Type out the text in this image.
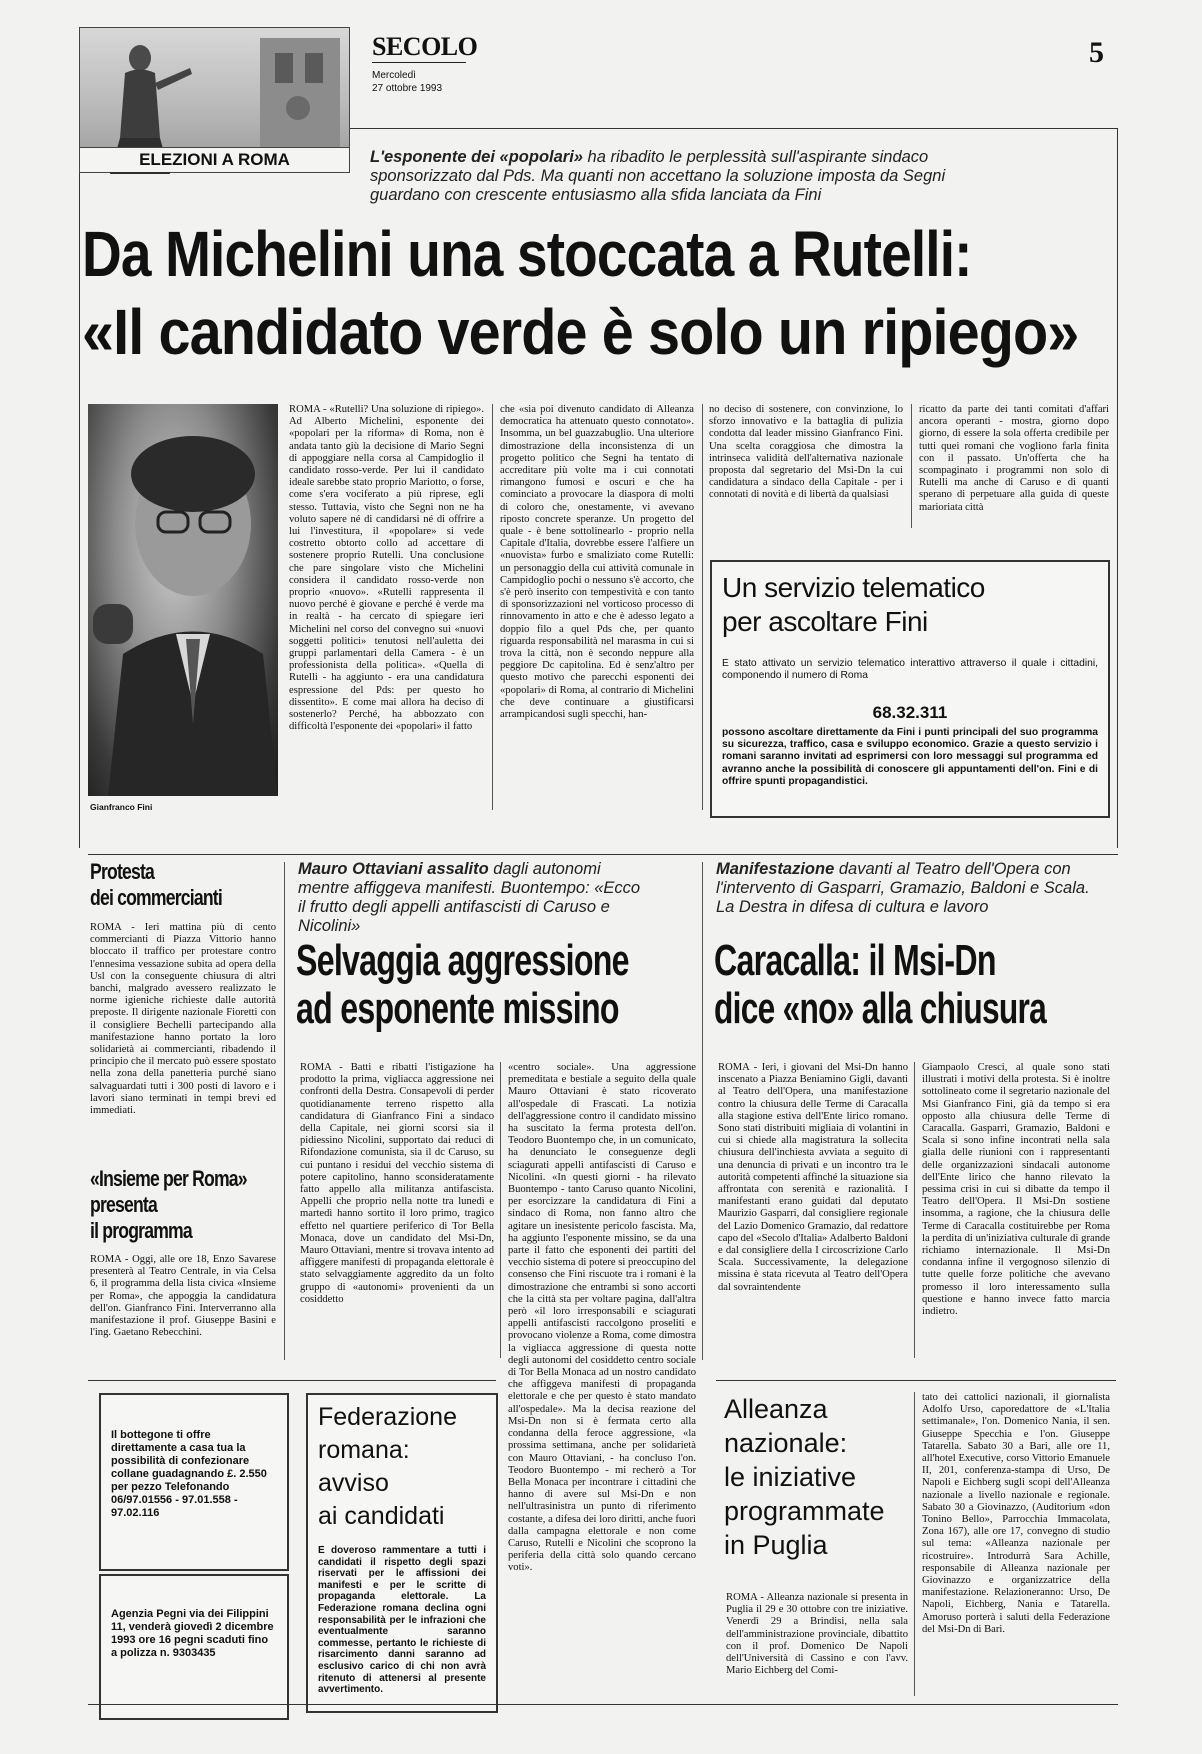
ELEZIONI A ROMA
SECOLO
Mercoledì
27 ottobre 1993
5
L'esponente dei «popolari» ha ribadito le perplessità sull'aspirante sindaco sponsorizzato dal Pds. Ma quanti non accettano la soluzione imposta da Segni guardano con crescente entusiasmo alla sfida lanciata da Fini
Da Michelini una stoccata a Rutelli:
«Il candidato verde è solo un ripiego»
Gianfranco Fini
ROMA - «Rutelli? Una soluzione di ripiego». Ad Alberto Michelini, esponente dei «popolari per la riforma» di Roma, non è andata tanto giù la decisione di Mario Segni di appoggiare nella corsa al Campidoglio il candidato rosso-verde. Per lui il candidato ideale sarebbe stato proprio Mariotto, o forse, come s'era vociferato a più riprese, egli stesso. Tuttavia, visto che Segni non ne ha voluto sapere né di candidarsi né di offrire a lui l'investitura, il «popolare» si vede costretto obtorto collo ad accettare di sostenere proprio Rutelli. Una conclusione che pare singolare visto che Michelini considera il candidato rosso-verde non proprio «nuovo». «Rutelli rappresenta il nuovo perché è giovane e perché è verde ma in realtà - ha cercato di spiegare ieri Michelini nel corso del convegno sui «nuovi soggetti politici» tenutosi nell'auletta dei gruppi parlamentari della Camera - è un professionista della politica». «Quella di Rutelli - ha aggiunto - era una candidatura espressione del Pds: per questo ho dissentito». E come mai allora ha deciso di sostenerlo? Perché, ha abbozzato con difficoltà l'esponente dei «popolari» il fatto
che «sia poi divenuto candidato di Alleanza democratica ha attenuato questo connotato». Insomma, un bel guazzabuglio. Una ulteriore dimostrazione della inconsistenza di un progetto politico che Segni ha tentato di accreditare più volte ma i cui connotati rimangono fumosi e oscuri e che ha cominciato a provocare la diaspora di molti di coloro che, onestamente, vi avevano riposto concrete speranze. Un progetto del quale - è bene sottolinearlo - proprio nella Capitale d'Italia, dovrebbe essere l'alfiere un «nuovista» furbo e smaliziato come Rutelli: un personaggio della cui attività comunale in Campidoglio pochi o nessuno s'è accorto, che s'è però inserito con tempestività e con tanto di sponsorizzazioni nel vorticoso processo di rinnovamento in atto e che è adesso legato a doppio filo a quel Pds che, per quanto riguarda responsabilità nel marasma in cui si trova la città, non è secondo neppure alla peggiore Dc capitolina. Ed è senz'altro per questo motivo che parecchi esponenti dei «popolari» di Roma, al contrario di Michelini che deve continuare a giustificarsi arrampicandosi sugli specchi, han-
no deciso di sostenere, con convinzione, lo sforzo innovativo e la battaglia di pulizia condotta dal leader missino Gianfranco Fini. Una scelta coraggiosa che dimostra la intrinseca validità dell'alternativa nazionale proposta dal segretario del Msi-Dn la cui candidatura a sindaco della Capitale - per i connotati di novità e di libertà da qualsiasi
ricatto da parte dei tanti comitati d'affari ancora operanti - mostra, giorno dopo giorno, di essere la sola offerta credibile per tutti quei romani che vogliono farla finita con il passato. Un'offerta che ha scompaginato i programmi non solo di Rutelli ma anche di Caruso e di quanti sperano di perpetuare alla guida di queste marioriata città
Un servizio telematico
per ascoltare Fini
È stato attivato un servizio telematico interattivo attraverso il quale i cittadini, componendo il numero di Roma
68.32.311
possono ascoltare direttamente da Fini i punti principali del suo programma su sicurezza, traffico, casa e sviluppo economico. Grazie a questo servizio i romani saranno invitati ad esprimersi con loro messaggi sul programma ed avranno anche la possibilità di conoscere gli appuntamenti dell'on. Fini e di offrire spunti propagandistici.
Protesta
dei commercianti
ROMA - Ieri mattina più di cento commercianti di Piazza Vittorio hanno bloccato il traffico per protestare contro l'ennesima vessazione subita ad opera della Usl con la conseguente chiusura di altri banchi, malgrado avessero realizzato le norme igieniche richieste dalle autorità preposte. Il dirigente nazionale Fioretti con il consigliere Bechelli partecipando alla manifestazione hanno portato la loro solidarietà ai commercianti, ribadendo il principio che il mercato può essere spostato nella zona della panetteria purché siano salvaguardati tutti i 300 posti di lavoro e i lavori siano terminati in tempi brevi ed immediati.
«Insieme per Roma»
presenta
il programma
ROMA - Oggi, alle ore 18, Enzo Savarese presenterà al Teatro Centrale, in via Celsa 6, il programma della lista civica «Insieme per Roma», che appoggia la candidatura dell'on. Gianfranco Fini. Interverranno alla manifestazione il prof. Giuseppe Basini e l'ing. Gaetano Rebecchini.
Mauro Ottaviani assalito dagli autonomi mentre affiggeva manifesti. Buontempo: «Ecco il frutto degli appelli antifascisti di Caruso e Nicolini»
Selvaggia aggressione
ad esponente missino
ROMA - Batti e ribatti l'istigazione ha prodotto la prima, vigliacca aggressione nei confronti della Destra. Consapevoli di perder quotidianamente terreno rispetto alla candidatura di Gianfranco Fini a sindaco della Capitale, nei giorni scorsi sia il pidiessino Nicolini, supportato dai reduci di Rifondazione comunista, sia il dc Caruso, su cui puntano i residui del vecchio sistema di potere capitolino, hanno sconsideratamente fatto appello alla militanza antifascista. Appelli che proprio nella notte tra lunedì e martedì hanno sortito il loro primo, tragico effetto nel quartiere periferico di Tor Bella Monaca, dove un candidato del Msi-Dn, Mauro Ottaviani, mentre si trovava intento ad affiggere manifesti di propaganda elettorale è stato selvaggiamente aggredito da un folto gruppo di «autonomi» provenienti da un cosiddetto
«centro sociale». Una aggressione premeditata e bestiale a seguito della quale Mauro Ottaviani è stato ricoverato all'ospedale di Frascati. La notizia dell'aggressione contro il candidato missino ha suscitato la ferma protesta dell'on. Teodoro Buontempo che, in un comunicato, ha denunciato le conseguenze degli sciagurati appelli antifascisti di Caruso e Nicolini. «In questi giorni - ha rilevato Buontempo - tanto Caruso quanto Nicolini, per esorcizzare la candidatura di Fini a sindaco di Roma, non fanno altro che agitare un inesistente pericolo fascista. Ma, ha aggiunto l'esponente missino, se da una parte il fatto che esponenti dei partiti del vecchio sistema di potere si preoccupino del consenso che Fini riscuote tra i romani è la dimostrazione che entrambi si sono accorti che la città sta per voltare pagina, dall'altra però «il loro irresponsabili e sciagurati appelli antifascisti raccolgono proseliti e provocano violenze a Roma, come dimostra la vigliacca aggressione di questa notte degli autonomi del cosiddetto centro sociale di Tor Bella Monaca ad un nostro candidato che affiggeva manifesti di propaganda elettorale e che per questo è stato mandato all'ospedale». Ma la decisa reazione del Msi-Dn non si è fermata certo alla condanna della feroce aggressione, «la prossima settimana, anche per solidarietà con Mauro Ottaviani, - ha concluso l'on. Teodoro Buontempo - mi recherò a Tor Bella Monaca per incontrare i cittadini che hanno di avere sul Msi-Dn e non nell'ultrasinistra un punto di riferimento costante, a difesa dei loro diritti, anche fuori dalla campagna elettorale e non come Caruso, Rutelli e Nicolini che scoprono la periferia della città solo quando cercano voti».
Manifestazione davanti al Teatro dell'Opera con l'intervento di Gasparri, Gramazio, Baldoni e Scala. La Destra in difesa di cultura e lavoro
Caracalla: il Msi-Dn
dice «no» alla chiusura
ROMA - Ieri, i giovani del Msi-Dn hanno inscenato a Piazza Beniamino Gigli, davanti al Teatro dell'Opera, una manifestazione contro la chiusura delle Terme di Caracalla alla stagione estiva dell'Ente lirico romano. Sono stati distribuiti migliaia di volantini in cui si chiede alla magistratura la sollecita chiusura dell'inchiesta avviata a seguito di una denuncia di privati e un incontro tra le autorità competenti affinché la situazione sia affrontata con serenità e razionalità. I manifestanti erano guidati dal deputato Maurizio Gasparri, dal consigliere regionale del Lazio Domenico Gramazio, dal redattore capo del «Secolo d'Italia» Adalberto Baldoni e dal consigliere della I circoscrizione Carlo Scala. Successivamente, la delegazione missina è stata ricevuta al Teatro dell'Opera dal sovraintendente
Giampaolo Cresci, al quale sono stati illustrati i motivi della protesta. Si è inoltre sottolineato come il segretario nazionale del Msi Gianfranco Fini, già da tempo si era opposto alla chiusura delle Terme di Caracalla. Gasparri, Gramazio, Baldoni e Scala si sono infine incontrati nella sala gialla delle riunioni con i rappresentanti delle organizzazioni sindacali autonome dell'Ente lirico che hanno rilevato la pessima crisi in cui si dibatte da tempo il Teatro dell'Opera. Il Msi-Dn sostiene insomma, a ragione, che la chiusura delle Terme di Caracalla costituirebbe per Roma la perdita di un'iniziativa culturale di grande richiamo internazionale. Il Msi-Dn condanna infine il vergognoso silenzio di tutte quelle forze politiche che avevano promesso il loro interessamento sulla questione e hanno invece fatto marcia indietro.
Il bottegone ti offre direttamente a casa tua la possibilità di confezionare collane guadagnando £. 2.550 per pezzo Telefonando 06/97.01556 - 97.01.558 - 97.02.116
Agenzia Pegni via dei Filippini 11, venderà giovedì 2 dicembre 1993 ore 16 pegni scaduti fino a polizza n. 9303435
Federazione
romana:
avviso
ai candidati
È doveroso rammentare a tutti i candidati il rispetto degli spazi riservati per le affissioni dei manifesti e per le scritte di propaganda elettorale. La Federazione romana declina ogni responsabilità per le infrazioni che eventualmente saranno commesse, pertanto le richieste di risarcimento danni saranno ad esclusivo carico di chi non avrà ritenuto di attenersi al presente avvertimento.
Alleanza
nazionale:
le iniziative
programmate
in Puglia
ROMA - Alleanza nazionale si presenta in Puglia il 29 e 30 ottobre con tre iniziative. Venerdì 29 a Brindisi, nella sala dell'amministrazione provinciale, dibattito con il prof. Domenico De Napoli dell'Università di Cassino e con l'avv. Mario Eichberg del Comi-
tato dei cattolici nazionali, il giornalista Adolfo Urso, caporedattore de «L'Italia settimanale», l'on. Domenico Nania, il sen. Giuseppe Specchia e l'on. Giuseppe Tatarella. Sabato 30 a Bari, alle ore 11, all'hotel Executive, corso Vittorio Emanuele II, 201, conferenza-stampa di Urso, De Napoli e Eichberg sugli scopi dell'Alleanza nazionale a livello nazionale e regionale. Sabato 30 a Giovinazzo, (Auditorium «don Tonino Bello», Parrocchia Immacolata, Zona 167), alle ore 17, convegno di studio sul tema: «Alleanza nazionale per ricostruire». Introdurrà Sara Achille, responsabile di Alleanza nazionale per Giovinazzo e organizzatrice della manifestazione. Relazioneranno: Urso, De Napoli, Eichberg, Nania e Tatarella. Amoruso porterà i saluti della Federazione del Msi-Dn di Bari.
